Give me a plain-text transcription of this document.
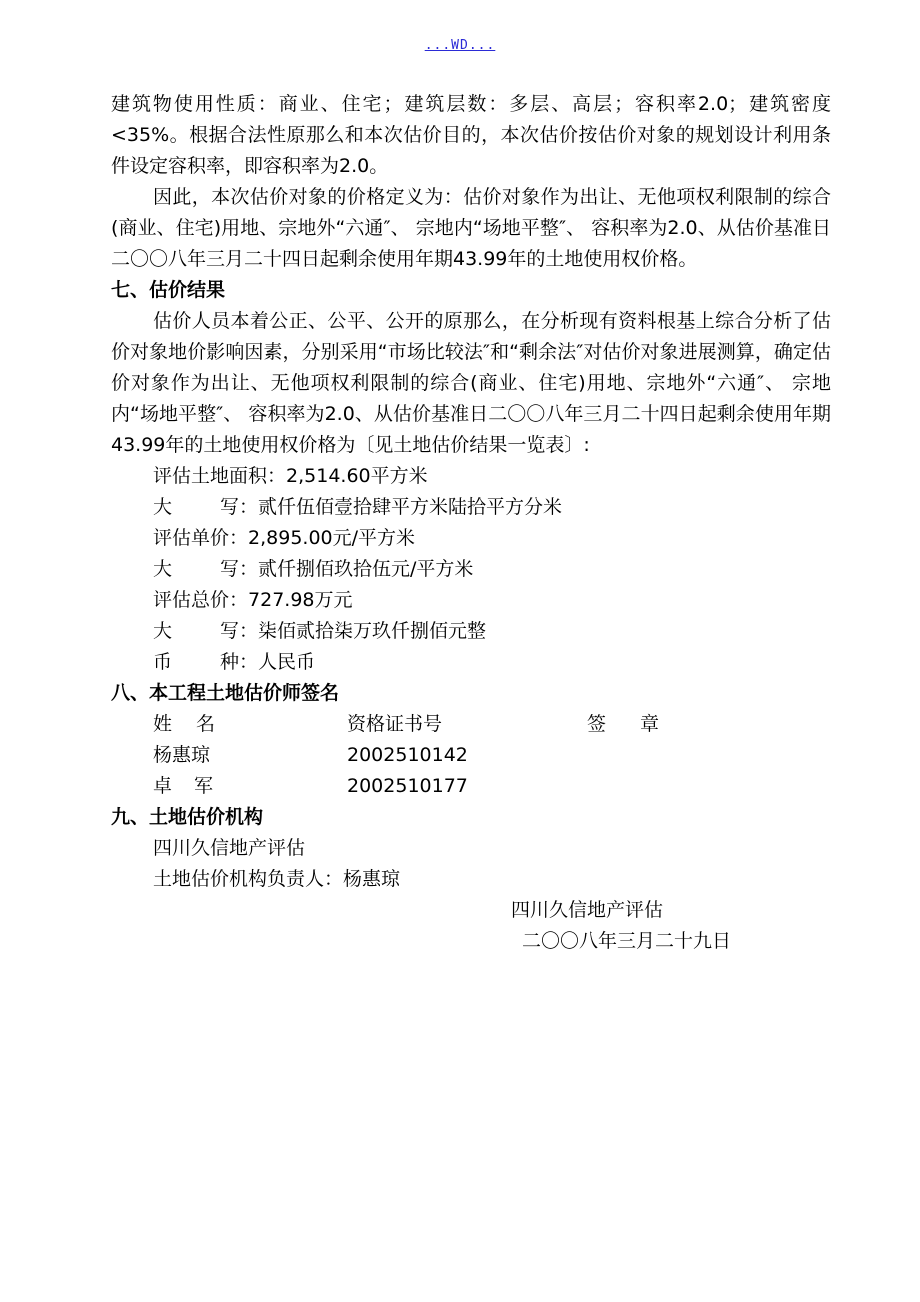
...WD...

建筑物使用性质：商业、住宅；建筑层数：多层、高层；容积率2.0；建筑密度<35%。根据合法性原那么和本次估价目的，本次估价按估价对象的规划设计利用条件设定容积率，即容积率为2.0。

因此，本次估价对象的价格定义为：估价对象作为出让、无他项权利限制的综合(商业、住宅)用地、宗地外“六通″、 宗地内“场地平整″、 容积率为2.0、从估价基准日二〇〇八年三月二十四日起剩余使用年期43.99年的土地使用权价格。

七、估价结果

估价人员本着公正、公平、公开的原那么，在分析现有资料根基上综合分析了估价对象地价影响因素，分别采用“市场比较法″和“剩余法″对估价对象进展测算，确定估价对象作为出让、无他项权利限制的综合(商业、住宅)用地、宗地外“六通″、 宗地内“场地平整″、 容积率为2.0、从估价基准日二〇〇八年三月二十四日起剩余使用年期43.99年的土地使用权价格为〔见土地估价结果一览表〕:

评估土地面积：2,514.60平方米

大写：贰仟伍佰壹拾肆平方米陆拾平方分米

评估单价：2,895.00元/平方米

大写：贰仟捌佰玖拾伍元/平方米

评估总价：727.98万元

大写：柒佰贰拾柒万玖仟捌佰元整

币种：人民币

八、本工程土地估价师签名

姓名	资格证书号	签章
杨惠琼	2002510142
卓军	2002510177

九、土地估价机构

四川久信地产评估

土地估价机构负责人：杨惠琼

四川久信地产评估

二〇〇八年三月二十九日
